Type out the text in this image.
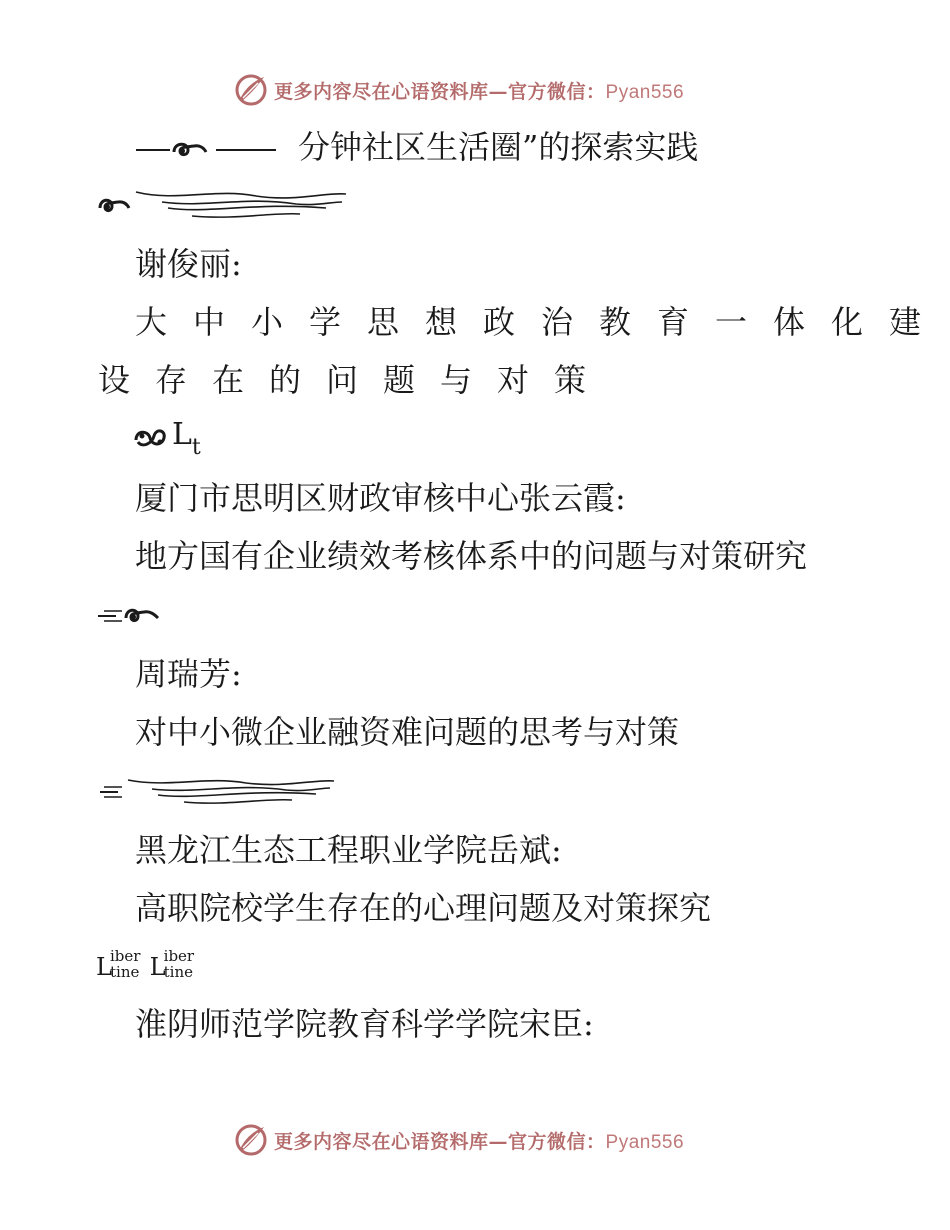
更多内容尽在心语资料库—官方微信：Pyan556
分钟社区生活圈”的探索实践
谢俊丽:
大中小学思想政治教育一体化建
设存在的问题与对策
$L_t$
厦门市思明区财政审核中心张云霞:
地方国有企业绩效考核体系中的问题与对策研究
周瑞芳:
对中小微企业融资难问题的思考与对策
黑龙江生态工程职业学院岳斌:
高职院校学生存在的心理问题及对策探究
L
iber
tine
L
iber
tine
淮阴师范学院教育科学学院宋臣:
更多内容尽在心语资料库—官方微信：Pyan556
